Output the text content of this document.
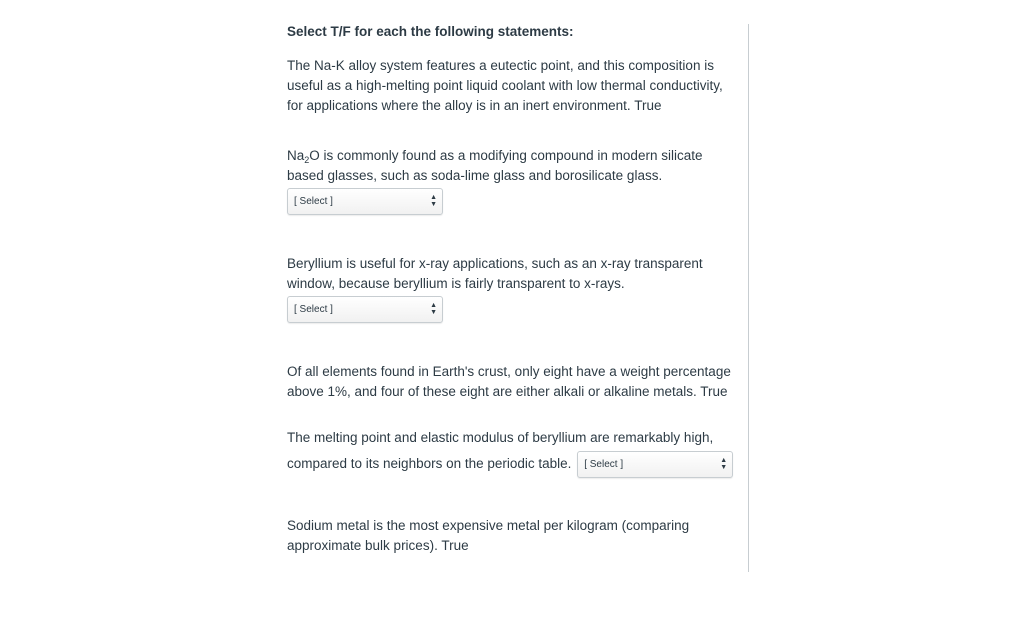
Select T/F for each the following statements:

The Na-K alloy system features a eutectic point, and this composition is useful as a high-melting point liquid coolant with low thermal conductivity, for applications where the alloy is in an inert environment. True

$Na_2O$ is commonly found as a modifying compound in modern silicate based glasses, such as soda-lime glass and borosilicate glass.

[ Select ]	▲
▼

Beryllium is useful for x-ray applications, such as an x-ray transparent window, because beryllium is fairly transparent to x-rays.

[ Select ]	▲
▼

Of all elements found in Earth's crust, only eight have a weight percentage above 1%, and four of these eight are either alkali or alkaline metals. True

The melting point and elastic modulus of beryllium are remarkably high,

compared to its neighbors on the periodic table. [ Select ]	▲
▼

Sodium metal is the most expensive metal per kilogram (comparing approximate bulk prices). True
